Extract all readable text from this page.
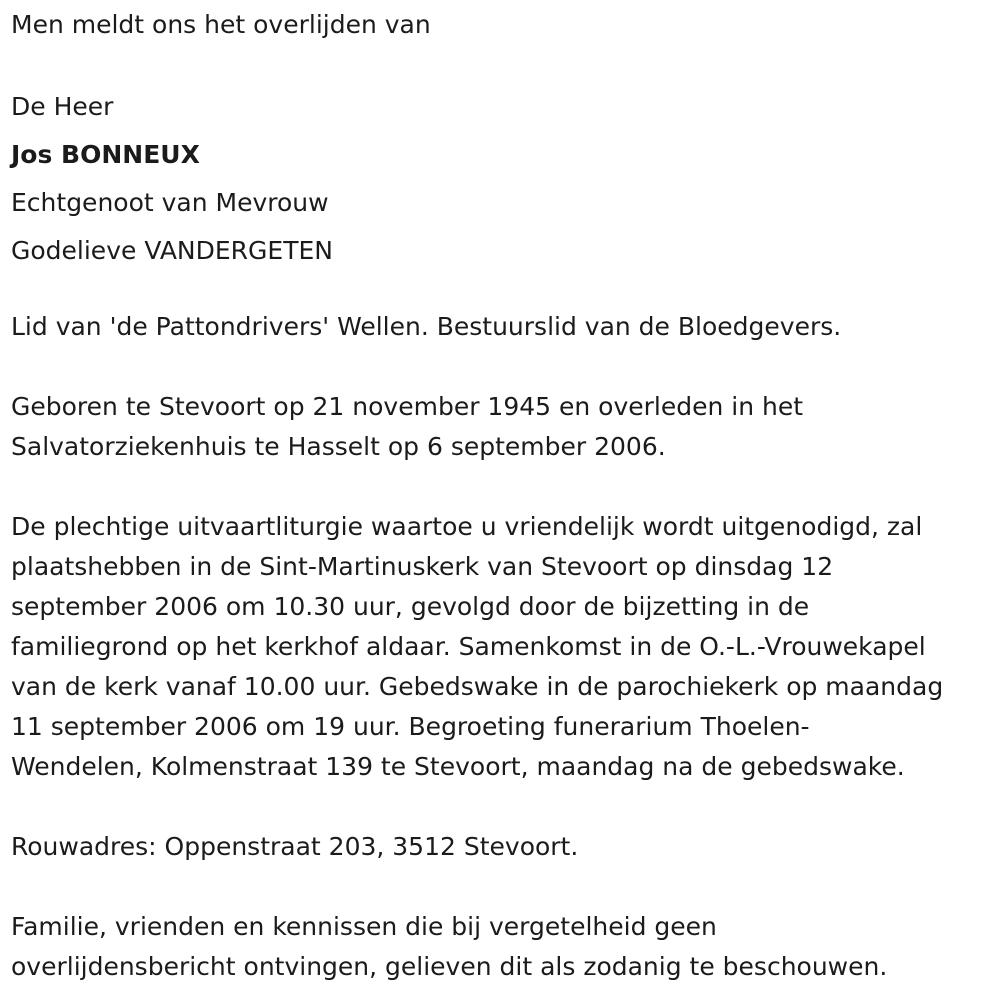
Men meldt ons het overlijden van
De Heer
Jos BONNEUX
Echtgenoot van Mevrouw
Godelieve VANDERGETEN
Lid van 'de Pattondrivers' Wellen. Bestuurslid van de Bloedgevers.
Geboren te Stevoort op 21 november 1945 en overleden in het
Salvatorziekenhuis te Hasselt op 6 september 2006.
De plechtige uitvaartliturgie waartoe u vriendelijk wordt uitgenodigd, zal
plaatshebben in de Sint-Martinuskerk van Stevoort op dinsdag 12
september 2006 om 10.30 uur, gevolgd door de bijzetting in de
familiegrond op het kerkhof aldaar. Samenkomst in de O.-L.-Vrouwekapel
van de kerk vanaf 10.00 uur. Gebedswake in de parochiekerk op maandag
11 september 2006 om 19 uur. Begroeting funerarium Thoelen-
Wendelen, Kolmenstraat 139 te Stevoort, maandag na de gebedswake.
Rouwadres: Oppenstraat 203, 3512 Stevoort.
Familie, vrienden en kennissen die bij vergetelheid geen
overlijdensbericht ontvingen, gelieven dit als zodanig te beschouwen.
